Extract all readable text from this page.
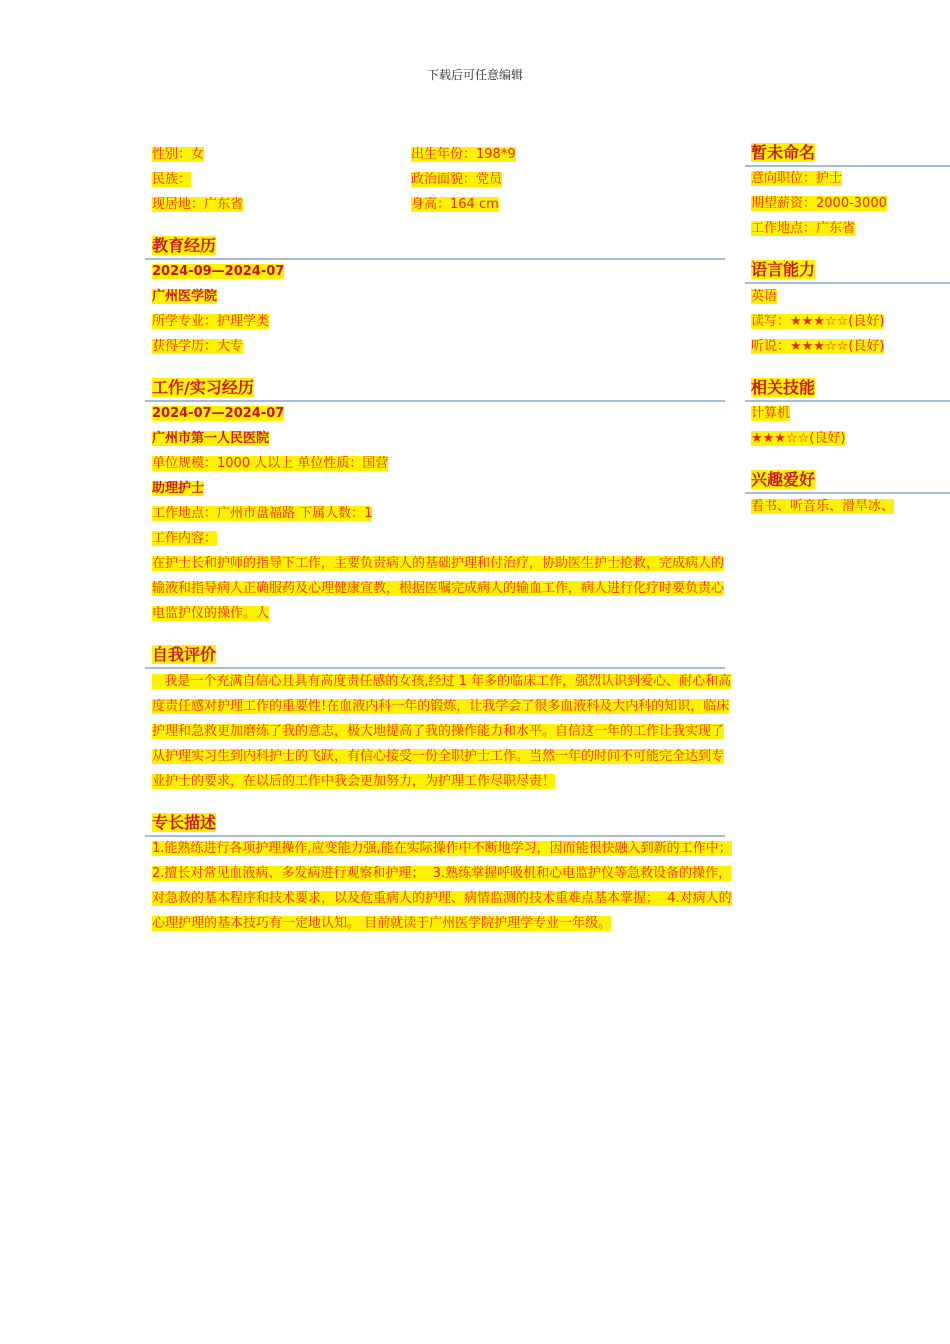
下载后可任意编辑
性别：女
民族：
现居地：广东省
出生年份：198*9
政治面貌：党员
身高：164 cm
教育经历
2024-09—2024-07
广州医学院
所学专业：护理学类
获得学历：大专
工作/实习经历
2024-07—2024-07
广州市第一人民医院
单位规模：1000 人以上 单位性质：国营
助理护士
工作地点：广州市盘福路 下属人数：1
工作内容：
在护士长和护师的指导下工作，主要负责病人的基础护理和付治疗，协助医生护士抢救，完成病人的
输液和指导病人正确服药及心理健康宣教，根据医嘱完成病人的输血工作，病人进行化疗时要负责心
电监护仪的操作。人
自我评价
我是一个充满自信心且具有高度责任感的女孩,经过 1 年多的临床工作，强烈认识到爱心、耐心和高
度责任感对护理工作的重要性!在血液内科一年的锻炼，让我学会了很多血液科及大内科的知识，临床
护理和急救更加磨练了我的意志，极大地提高了我的操作能力和水平。自信这一年的工作让我实现了
从护理实习生到内科护士的飞跃，有信心接受一份全职护士工作。当然一年的时间不可能完全达到专
业护士的要求，在以后的工作中我会更加努力，为护理工作尽职尽责！
专长描述
1.能熟练进行各项护理操作,应变能力强,能在实际操作中不断地学习，因而能很快融入到新的工作中；
2.擅长对常见血液病、多发病进行观察和护理；  3.熟练掌握呼吸机和心电监护仪等急救设备的操作，
对急救的基本程序和技术要求，以及危重病人的护理、病情监测的技术重难点基本掌握；  4.对病人的
心理护理的基本技巧有一定地认知。 目前就读于广州医学院护理学专业一年级。
暂未命名
意向职位：护士
期望薪资：2000-3000
工作地点：广东省
语言能力
英语
读写：★★★☆☆(良好)
听说：★★★☆☆(良好)
相关技能
计算机
★★★☆☆(良好)
兴趣爱好
看书、听音乐、滑旱冰、
